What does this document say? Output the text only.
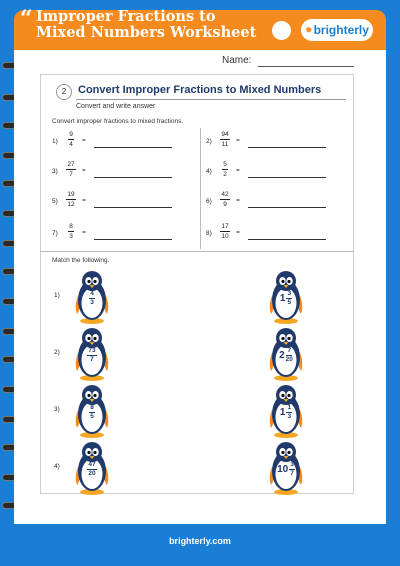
“ Improper Fractions to Mixed Numbers Worksheet	✹ brighterly
Name:
2	Convert Improper Fractions to Mixed Numbers
Convert and write answer
Convert improper fractions to mixed fractions.
$1) \frac{9}{4}$ =	$2) \frac{94}{11}$ =
$3) \frac{27}{7}$ =	$4) \frac{5}{2}$ =
$5) \frac{19}{12}$ =	$6) \frac{42}{9}$ =
$7) \frac{8}{3}$ =	$8) \frac{17}{10}$ =
Match the following.
1)	$\frac{4}{3}$	$1 \frac{3}{5}$
2)	$\frac{73}{7}$	$2 \frac{7}{20}$
3)	$\frac{8}{5}$	$1 \frac{1}{3}$
4)	$\frac{47}{20}$	$10 \frac{3}{7}$
brighterly.com
